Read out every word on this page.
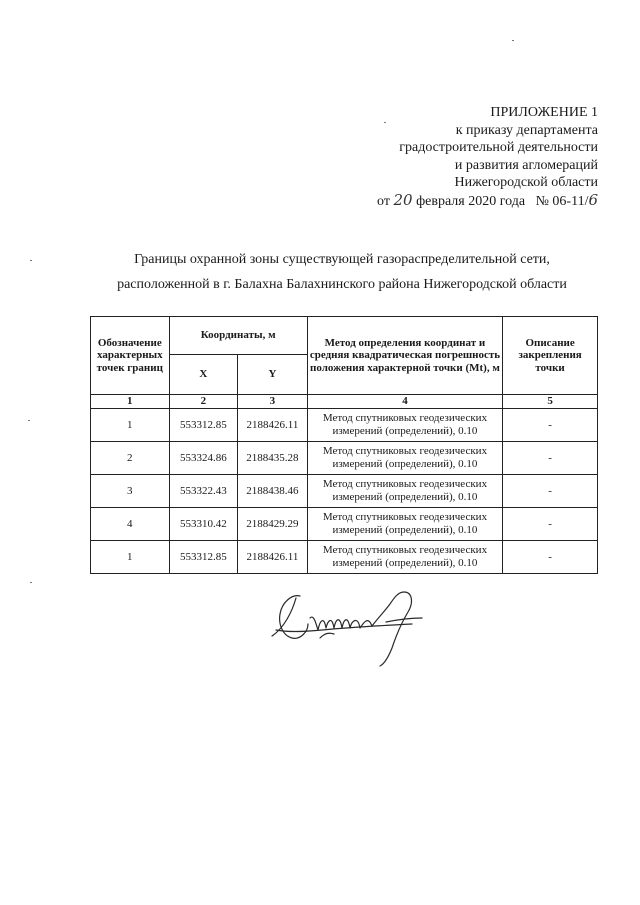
ПРИЛОЖЕНИЕ 1
к приказу департамента
градостроительной деятельности
и развития агломераций
Нижегородской области
от 20 февраля 2020 года № 06-11/6
Границы охранной зоны существующей газораспределительной сети,
расположенной в г. Балахна Балахнинского района Нижегородской области
Обозначение характерных точек границ	Координаты, м		Метод определения координат и средняя квадратическая погрешность положения характерной точки (Mt), м	Описание закрепления точки
	X	Y		
1	2	3	4	5
1	553312.85	2188426.11	Метод спутниковых геодезических измерений (определений), 0.10	-
2	553324.86	2188435.28	Метод спутниковых геодезических измерений (определений), 0.10	-
3	553322.43	2188438.46	Метод спутниковых геодезических измерений (определений), 0.10	-
4	553310.42	2188429.29	Метод спутниковых геодезических измерений (определений), 0.10	-
1	553312.85	2188426.11	Метод спутниковых геодезических измерений (определений), 0.10	-
